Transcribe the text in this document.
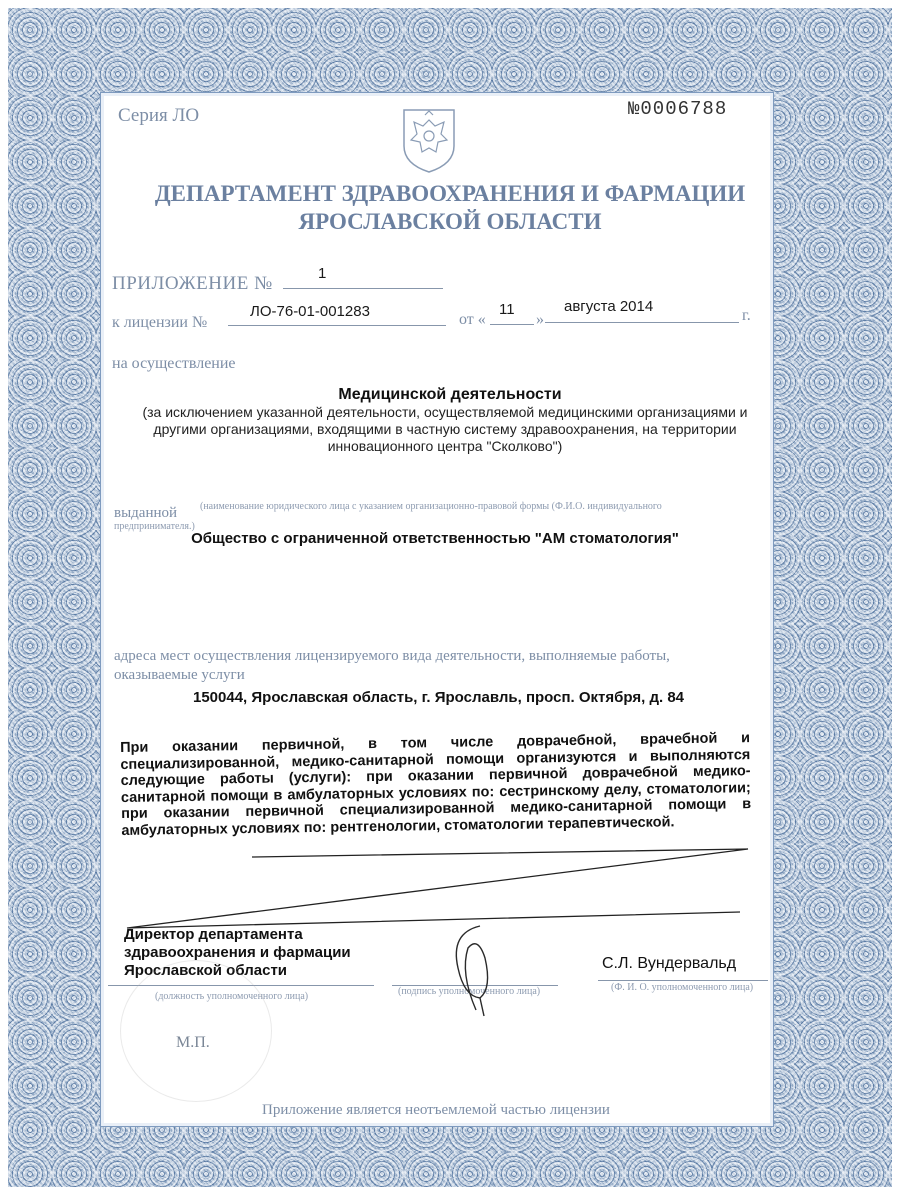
Серия ЛО	№0006788
ДЕПАРТАМЕНТ ЗДРАВООХРАНЕНИЯ И ФАРМАЦИИ
ЯРОСЛАВСКОЙ ОБЛАСТИ
ПРИЛОЖЕНИЕ №	1
к лицензии №
ЛО-76-01-001283	от «
11
»
августа 2014
г.
на осуществление
Медицинской деятельности
(за исключением указанной деятельности, осуществляемой медицинскими организациями и другими организациями, входящими в частную систему здравоохранения, на территории инновационного центра "Сколково")
выданной	(наименование юридического лица с указанием организационно-правовой формы (Ф.И.О. индивидуального предпринимателя.)
Общество с ограниченной ответственностью "АМ стоматология"
адреса мест осуществления лицензируемого вида деятельности, выполняемые работы, оказываемые услуги
150044, Ярославская область, г. Ярославль, просп. Октября, д. 84
При оказании первичной, в том числе доврачебной, врачебной и специализированной, медико-санитарной помощи организуются и выполняются следующие работы (услуги): при оказании первичной доврачебной медико-санитарной помощи в амбулаторных условиях по: сестринскому делу, стоматологии; при оказании первичной специализированной медико-санитарной помощи в амбулаторных условиях по: рентгенологии, стоматологии терапевтической.
Директор департамента
здравоохранения и фармации
Ярославской области	С.Л. Вундервальд
(должность уполномоченного лица)	(подпись уполномоченного лица)	(Ф. И. О. уполномоченного лица)
М.П.
Приложение является неотъемлемой частью лицензии
